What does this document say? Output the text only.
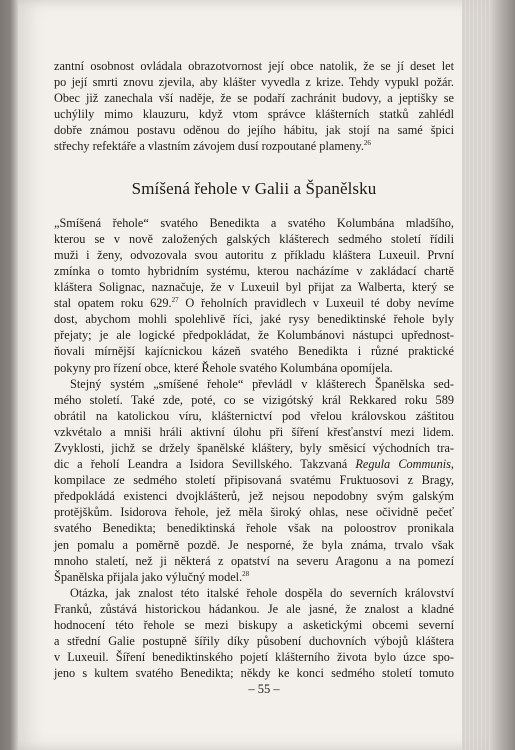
zantní osobnost ovládala obrazotvornost její obce natolik, že se jí deset let
po její smrti znovu zjevila, aby klášter vyvedla z krize. Tehdy vypukl požár.
Obec již zanechala vší naděje, že se podaří zachránit budovy, a jeptišky se
uchýlily mimo klauzuru, když vtom správce klášterních statků zahlédl
dobře známou postavu oděnou do jejího hábitu, jak stojí na samé špici
střechy refektáře a vlastním závojem dusí rozpoutané plameny.$^{26}$

Smíšená řehole v Galii a Španělsku

„Smíšená řehole“ svatého Benedikta a svatého Kolumbána mladšího,
kterou se v nově založených galských klášterech sedmého století řídili
muži i ženy, odvozovala svou autoritu z příkladu kláštera Luxeuil. První
zmínka o tomto hybridním systému, kterou nacházíme v zakládací chartě
kláštera Solignac, naznačuje, že v Luxeuil byl přijat za Walberta, který se
stal opatem roku 629.27 O řeholních pravidlech v Luxeuil té doby nevíme
dost, abychom mohli spolehlivě říci, jaké rysy benediktinské řehole byly
přejaty; je ale logické předpokládat, že Kolumbánovi nástupci upřednost-
ňovali mírnější kajícnickou kázeň svatého Benedikta i různé praktické
pokyny pro řízení obce, které Řehole svatého Kolumbána opomíjela.

Stejný systém „smíšené řehole“ převládl v klášterech Španělska sed-
mého století. Také zde, poté, co se vizigótský král Rekkared roku 589
obrátil na katolickou víru, klášternictví pod vřelou královskou záštitou
vzkvétalo a mniši hráli aktivní úlohu při šíření křesťanství mezi lidem.
Zvyklosti, jichž se držely španělské kláštery, byly směsicí východních tra-
dic a řeholí Leandra a Isidora Sevillského. Takzvaná Regula Communis,
kompilace ze sedmého století připisovaná svatému Fruktuosovi z Bragy,
předpokládá existenci dvojklášterů, jež nejsou nepodobny svým galským
protějškům. Isidorova řehole, jež měla široký ohlas, nese očividně pečeť
svatého Benedikta; benediktinská řehole však na poloostrov pronikala
jen pomalu a poměrně pozdě. Je nesporné, že byla známa, trvalo však
mnoho staletí, než ji některá z opatství na severu Aragonu a na pomezí
Španělska přijala jako výlučný model.$^{28}$

Otázka, jak znalost této italské řehole dospěla do severních království
Franků, zůstává historickou hádankou. Je ale jasné, že znalost a kladné
hodnocení této řehole se mezi biskupy a asketickými obcemi severní
a střední Galie postupně šířily díky působení duchovních výbojů kláštera
v Luxeuil. Šíření benediktinského pojetí klášterního života bylo úzce spo-
jeno s kultem svatého Benedikta; někdy ke konci sedmého století tomuto

– 55 –
